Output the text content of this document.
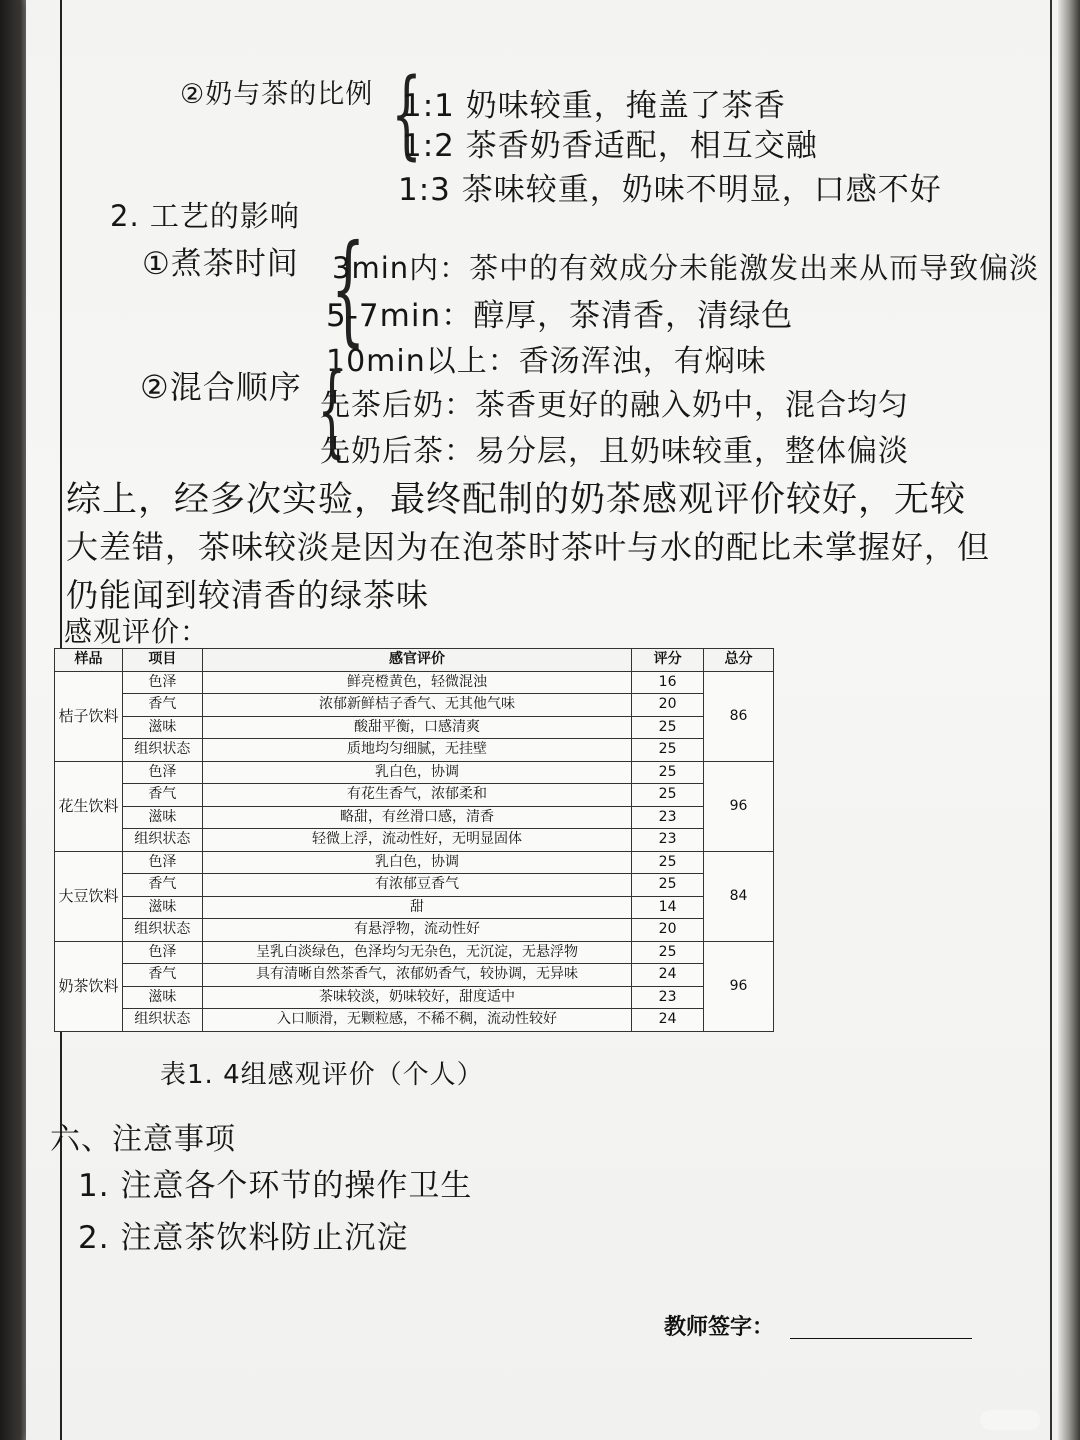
②奶与茶的比例 {
1:1 奶味较重，掩盖了茶香
1:2 茶香奶香适配，相互交融
1:3 茶味较重，奶味不明显，口感不好
2. 工艺的影响
①煮茶时间 {
3min内：茶中的有效成分未能激发出来从而导致偏淡
5-7min：醇厚，茶清香，清绿色
10min以上：香汤浑浊，有焖味
②混合顺序 {
先茶后奶：茶香更好的融入奶中，混合均匀
先奶后茶：易分层，且奶味较重，整体偏淡
综上，经多次实验，最终配制的奶茶感观评价较好，无较
大差错，茶味较淡是因为在泡茶时茶叶与水的配比未掌握好，但
仍能闻到较清香的绿茶味
感观评价：
样品	项目	感官评价	评分	总分
桔子饮料	色泽	鲜亮橙黄色，轻微混浊	16	86
	香气	浓郁新鲜桔子香气、无其他气味	20	
	滋味	酸甜平衡，口感清爽	25	
	组织状态	质地均匀细腻，无挂壁	25	
花生饮料	色泽	乳白色，协调	25	96
	香气	有花生香气，浓郁柔和	25	
	滋味	略甜，有丝滑口感，清香	23	
	组织状态	轻微上浮，流动性好，无明显固体	23	
大豆饮料	色泽	乳白色，协调	25	84
	香气	有浓郁豆香气	25	
	滋味	甜	14	
	组织状态	有悬浮物，流动性好	20	
奶茶饮料	色泽	呈乳白淡绿色，色泽均匀无杂色，无沉淀，无悬浮物	25	96
	香气	具有清晰自然茶香气，浓郁奶香气，较协调，无异味	24	
	滋味	茶味较淡，奶味较好，甜度适中	23	
	组织状态	入口顺滑，无颗粒感，不稀不稠，流动性较好	24	
表1. 4组感观评价（个人）
六、注意事项
1. 注意各个环节的操作卫生
2. 注意茶饮料防止沉淀
教师签字：
